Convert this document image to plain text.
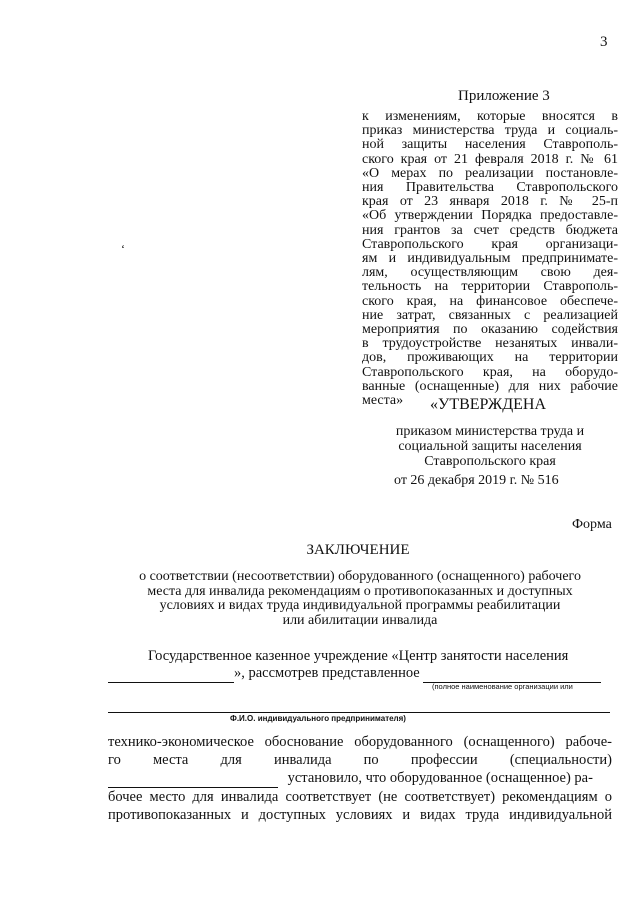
3
Приложение 3
к изменениям, которые вносятся в
приказ министерства труда и социаль-
ной защиты населения Ставрополь-
ского края от 21 февраля 2018 г. № 61
«О мерах по реализации постановле-
ния Правительства Ставропольского
края от 23 января 2018 г. № 25-п
«Об утверждении Порядка предоставле-
ния грантов за счет средств бюджета
Ставропольского края организаци-
ям и индивидуальным предпринимате-
лям, осуществляющим свою дея-
тельность на территории Ставрополь-
ского края, на финансовое обеспече-
ние затрат, связанных с реализацией
мероприятия по оказанию содействия
в трудоустройстве незанятых инвали-
дов, проживающих на территории
Ставропольского края, на оборудо-
ванные (оснащенные) для них рабочие
места»
‘
«УТВЕРЖДЕНА
приказом министерства труда и
социальной защиты населения
Ставропольского края
от 26 декабря 2019 г. № 516
Форма
ЗАКЛЮЧЕНИЕ
о соответствии (несоответствии) оборудованного (оснащенного) рабочего
места для инвалида рекомендациям о противопоказанных и доступных
условиях и видах труда индивидуальной программы реабилитации
или абилитации инвалида
Государственное казенное учреждение «Центр занятости населения
», рассмотрев представленное
(полное наименование организации или
Ф.И.О. индивидуального предпринимателя)
технико-экономическое обоснование оборудованного (оснащенного) рабоче-
го места для инвалида по профессии (специальности)
установило, что оборудованное (оснащенное) ра-
бочее место для инвалида соответствует (не соответствует) рекомендациям о
противопоказанных и доступных условиях и видах труда индивидуальной
